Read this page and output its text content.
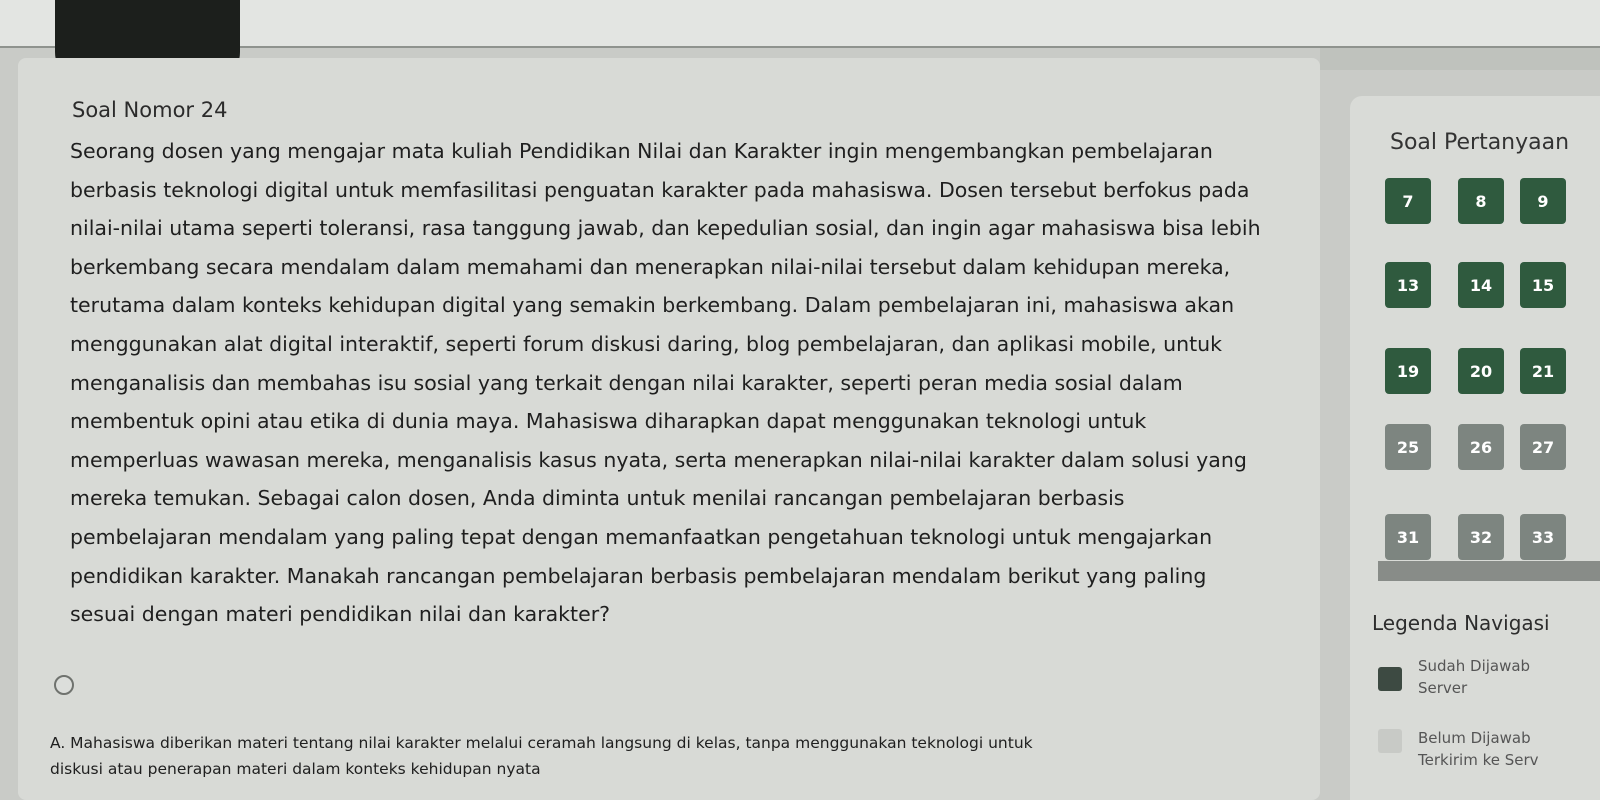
Soal Nomor 24
Seorang dosen yang mengajar mata kuliah Pendidikan Nilai dan Karakter ingin mengembangkan pembelajaran
berbasis teknologi digital untuk memfasilitasi penguatan karakter pada mahasiswa. Dosen tersebut berfokus pada
nilai-nilai utama seperti toleransi, rasa tanggung jawab, dan kepedulian sosial, dan ingin agar mahasiswa bisa lebih
berkembang secara mendalam dalam memahami dan menerapkan nilai-nilai tersebut dalam kehidupan mereka,
terutama dalam konteks kehidupan digital yang semakin berkembang. Dalam pembelajaran ini, mahasiswa akan
menggunakan alat digital interaktif, seperti forum diskusi daring, blog pembelajaran, dan aplikasi mobile, untuk
menganalisis dan membahas isu sosial yang terkait dengan nilai karakter, seperti peran media sosial dalam
membentuk opini atau etika di dunia maya. Mahasiswa diharapkan dapat menggunakan teknologi untuk
memperluas wawasan mereka, menganalisis kasus nyata, serta menerapkan nilai-nilai karakter dalam solusi yang
mereka temukan. Sebagai calon dosen, Anda diminta untuk menilai rancangan pembelajaran berbasis
pembelajaran mendalam yang paling tepat dengan memanfaatkan pengetahuan teknologi untuk mengajarkan
pendidikan karakter. Manakah rancangan pembelajaran berbasis pembelajaran mendalam berikut yang paling
sesuai dengan materi pendidikan nilai dan karakter?
A. Mahasiswa diberikan materi tentang nilai karakter melalui ceramah langsung di kelas, tanpa menggunakan teknologi untuk
diskusi atau penerapan materi dalam konteks kehidupan nyata
Soal Pertanyaan
7	8	9
13	14	15
19	20	21
25	26	27
31	32	33
Legenda Navigasi
Sudah Dijawab
Server
Belum Dijawab
Terkirim ke Serv
